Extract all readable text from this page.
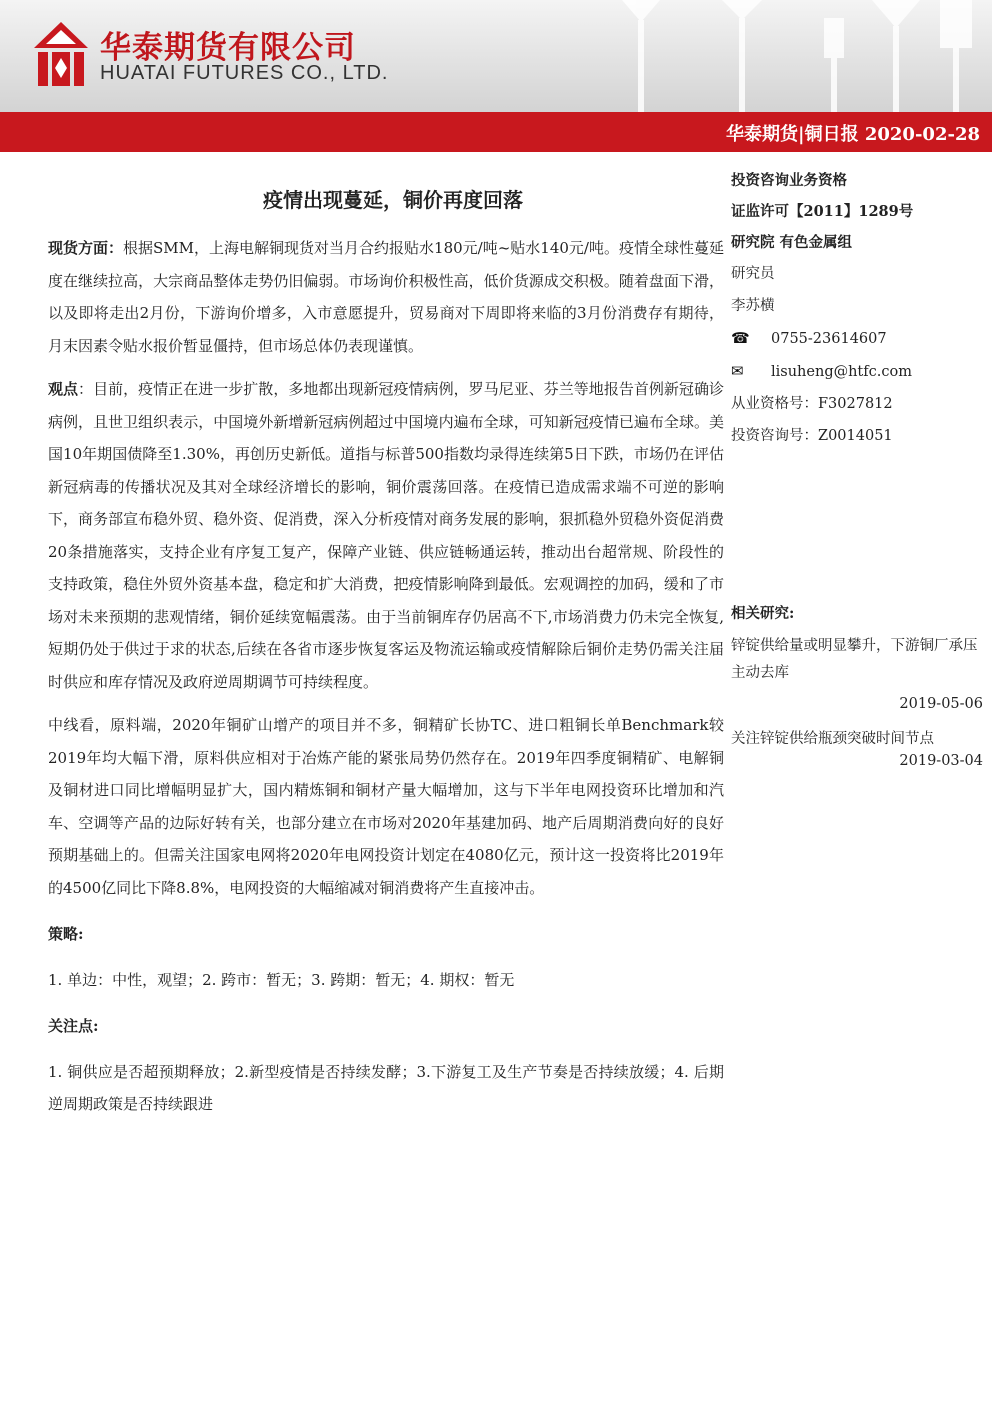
华泰期货有限公司
HUATAI FUTURES CO., LTD.
华泰期货|铜日报 2020-02-28
疫情出现蔓延，铜价再度回落

现货方面：根据SMM，上海电解铜现货对当月合约报贴水180元/吨~贴水140元/吨。疫情全球性蔓延度在继续拉高，大宗商品整体走势仍旧偏弱。市场询价积极性高，低价货源成交积极。随着盘面下滑，以及即将走出2月份，下游询价增多，入市意愿提升，贸易商对下周即将来临的3月份消费存有期待，月末因素令贴水报价暂显僵持，但市场总体仍表现谨慎。

观点：目前，疫情正在进一步扩散，多地都出现新冠疫情病例，罗马尼亚、芬兰等地报告首例新冠确诊病例，且世卫组织表示，中国境外新增新冠病例超过中国境内遍布全球，可知新冠疫情已遍布全球。美国10年期国债降至1.30%，再创历史新低。道指与标普500指数均录得连续第5日下跌，市场仍在评估新冠病毒的传播状况及其对全球经济增长的影响，铜价震荡回落。在疫情已造成需求端不可逆的影响下，商务部宣布稳外贸、稳外资、促消费，深入分析疫情对商务发展的影响，狠抓稳外贸稳外资促消费20条措施落实，支持企业有序复工复产，保障产业链、供应链畅通运转，推动出台超常规、阶段性的支持政策，稳住外贸外资基本盘，稳定和扩大消费，把疫情影响降到最低。宏观调控的加码，缓和了市场对未来预期的悲观情绪，铜价延续宽幅震荡。由于当前铜库存仍居高不下,市场消费力仍未完全恢复,短期仍处于供过于求的状态,后续在各省市逐步恢复客运及物流运输或疫情解除后铜价走势仍需关注届时供应和库存情况及政府逆周期调节可持续程度。

中线看，原料端，2020年铜矿山增产的项目并不多，铜精矿长协TC、进口粗铜长单Benchmark较2019年均大幅下滑，原料供应相对于冶炼产能的紧张局势仍然存在。2019年四季度铜精矿、电解铜及铜材进口同比增幅明显扩大，国内精炼铜和铜材产量大幅增加，这与下半年电网投资环比增加和汽车、空调等产品的边际好转有关，也部分建立在市场对2020年基建加码、地产后周期消费向好的良好预期基础上的。但需关注国家电网将2020年电网投资计划定在4080亿元，预计这一投资将比2019年的4500亿同比下降8.8%，电网投资的大幅缩减对铜消费将产生直接冲击。

策略:

1. 单边：中性，观望；2. 跨市：暂无；3. 跨期：暂无；4. 期权：暂无

关注点:

1. 铜供应是否超预期释放；2.新型疫情是否持续发酵；3.下游复工及生产节奏是否持续放缓；4. 后期逆周期政策是否持续跟进

投资咨询业务资格
证监许可【2011】1289号
研究院 有色金属组
研究员
李苏横
☎ 0755-23614607
✉ lisuheng@htfc.com
从业资格号：F3027812
投资咨询号：Z0014051
相关研究:
锌锭供给量或明显攀升，下游铜厂承压主动去库
2019-05-06
关注锌锭供给瓶颈突破时间节点
2019-03-04
